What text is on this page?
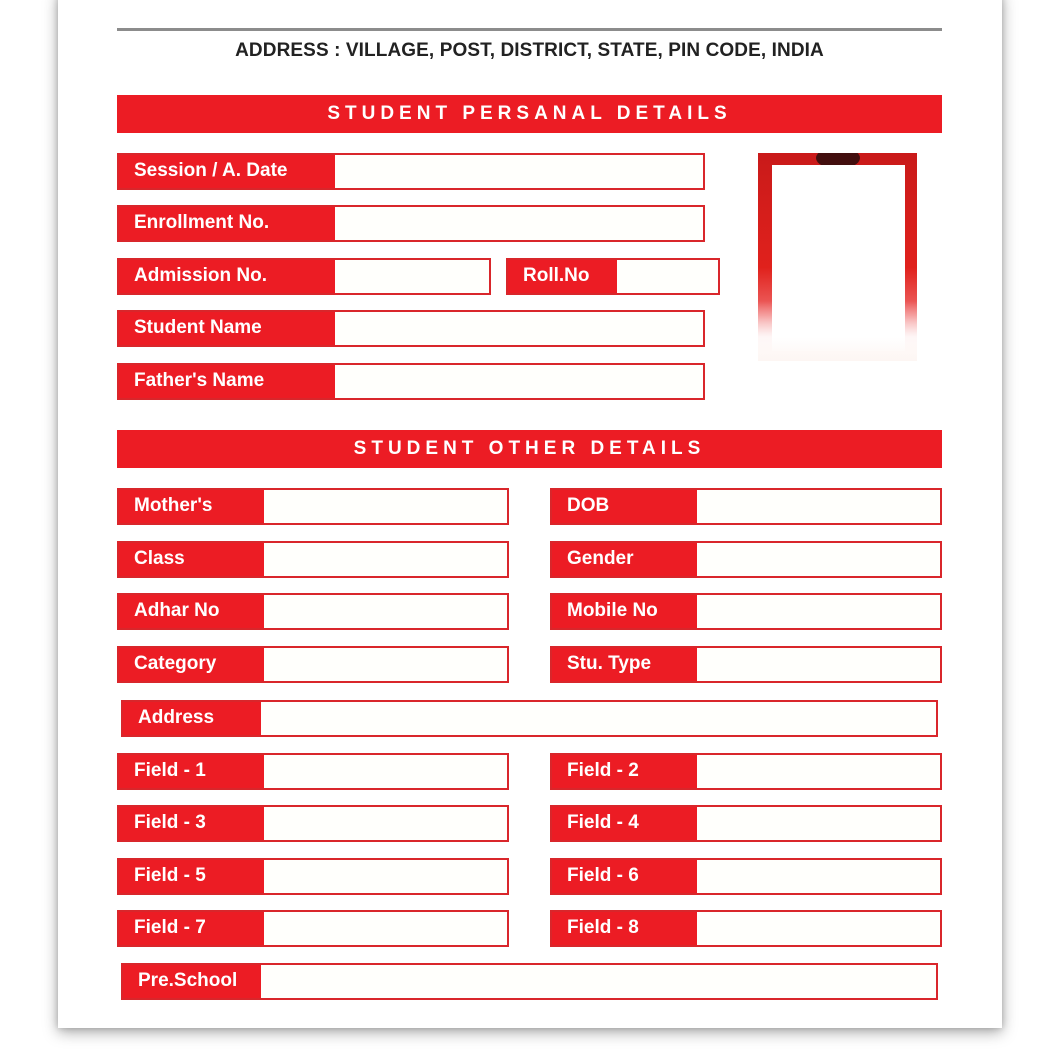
ADDRESS : VILLAGE, POST, DISTRICT, STATE, PIN CODE, INDIA
STUDENT PERSANAL DETAILS
Session / A. Date
Enrollment No.
Admission No.	Roll.No
Student Name
Father's Name
STUDENT OTHER DETAILS
Mother's	DOB
Class	Gender
Adhar No	Mobile No
Category	Stu. Type
Address
Field - 1	Field - 2
Field - 3	Field - 4
Field - 5	Field - 6
Field - 7	Field - 8
Pre.School
